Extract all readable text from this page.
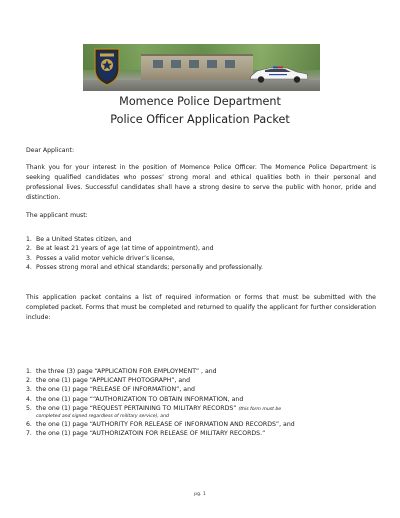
Momence Police Department
Police Officer Application Packet
Dear Applicant:
Thank you for your interest in the position of Momence Police Officer. The Momence Police Department is seeking qualified candidates who posses’ strong moral and ethical qualities both in their personal and professional lives. Successful candidates shall have a strong desire to serve the public with honor, pride and distinction.
The applicant must:
1. Be a United States citizen, and
2. Be at least 21 years of age (at time of appointment), and
3. Posses a valid motor vehicle driver’s license,
4. Posses strong moral and ethical standards; personally and professionally.
This application packet contains a list of required information or forms that must be submitted with the completed packet. Forms that must be completed and returned to qualify the applicant for further consideration include:
1. the three (3) page “APPLICATION FOR EMPLOYMENT” , and
2. the one (1) page “APPLICANT PHOTOGRAPH”, and
3. the one (1) page “RELEASE OF INFORMATION”, and
4. the one (1) page ““AUTHORIZATION TO OBTAIN INFORMATION, and
5. the one (1) page “REQUEST PERTAINING TO MILITARY RECORDS” (this form must be
completed and signed regardless of military service), and
6. the one (1) page “AUTHORITY FOR RELEASE OF INFORMATION AND RECORDS”, and
7. the one (1) page “AUTHORIZATOIN FOR RELEASE OF MILITARY RECORDS.”
pg. 1
